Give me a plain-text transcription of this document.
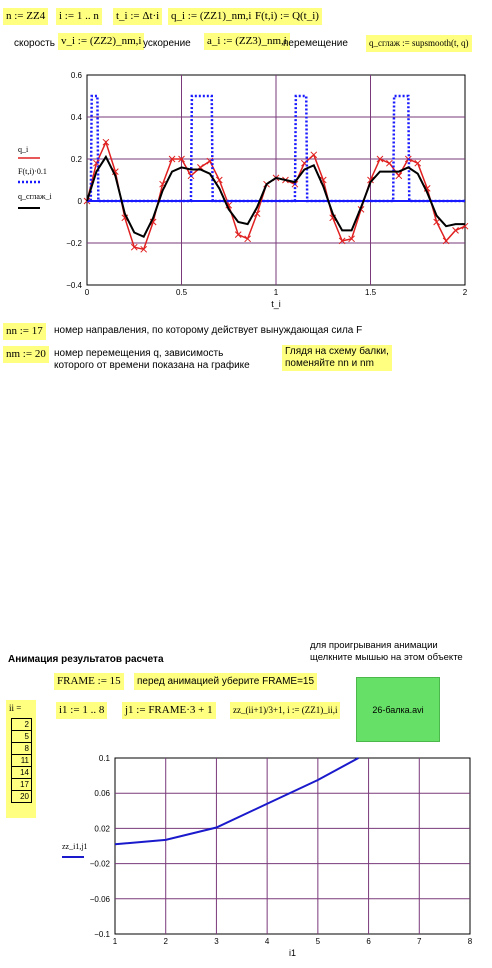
n := ZZ4 i := 1 .. n t_i := Δt·i q_i := (ZZ1)_nm,i F(t,i) := Q(t_i)
скорость v_i := (ZZ2)_nm,i ускорение a_i := (ZZ3)_nm,i
перемещение	q_сглаж := supsmooth(t, q)
0	0.5	1	1.5	2
0.6
0.4
0.2
0
−0.2
−0.4
t_i
q_i
F(t,i)·0.1
q_сглаж_i
nn := 17	номер направления, по которому действует вынуждающая сила F
nm := 20 номер перемещения q, зависимость
которого от времени показана на графике
Глядя на схему балки,
поменяйте nn и nm
Анимация результатов расчета
для проигрывания анимации
щелкните мышью на этом объекте
FRAME := 15	перед анимацией уберите FRAME=15
ii =
2
5
8
11
14
17
20
i1 := 1 .. 8 j1 := FRAME·3 + 1	zz_(ii+1)/3+1, i := (ZZ1)_ii,i	26-балка.avi
1	2	3	4	5	6	7	8
0.1
0.06
0.02
−0.02
−0.06
−0.1
i1
zz_i1,j1
